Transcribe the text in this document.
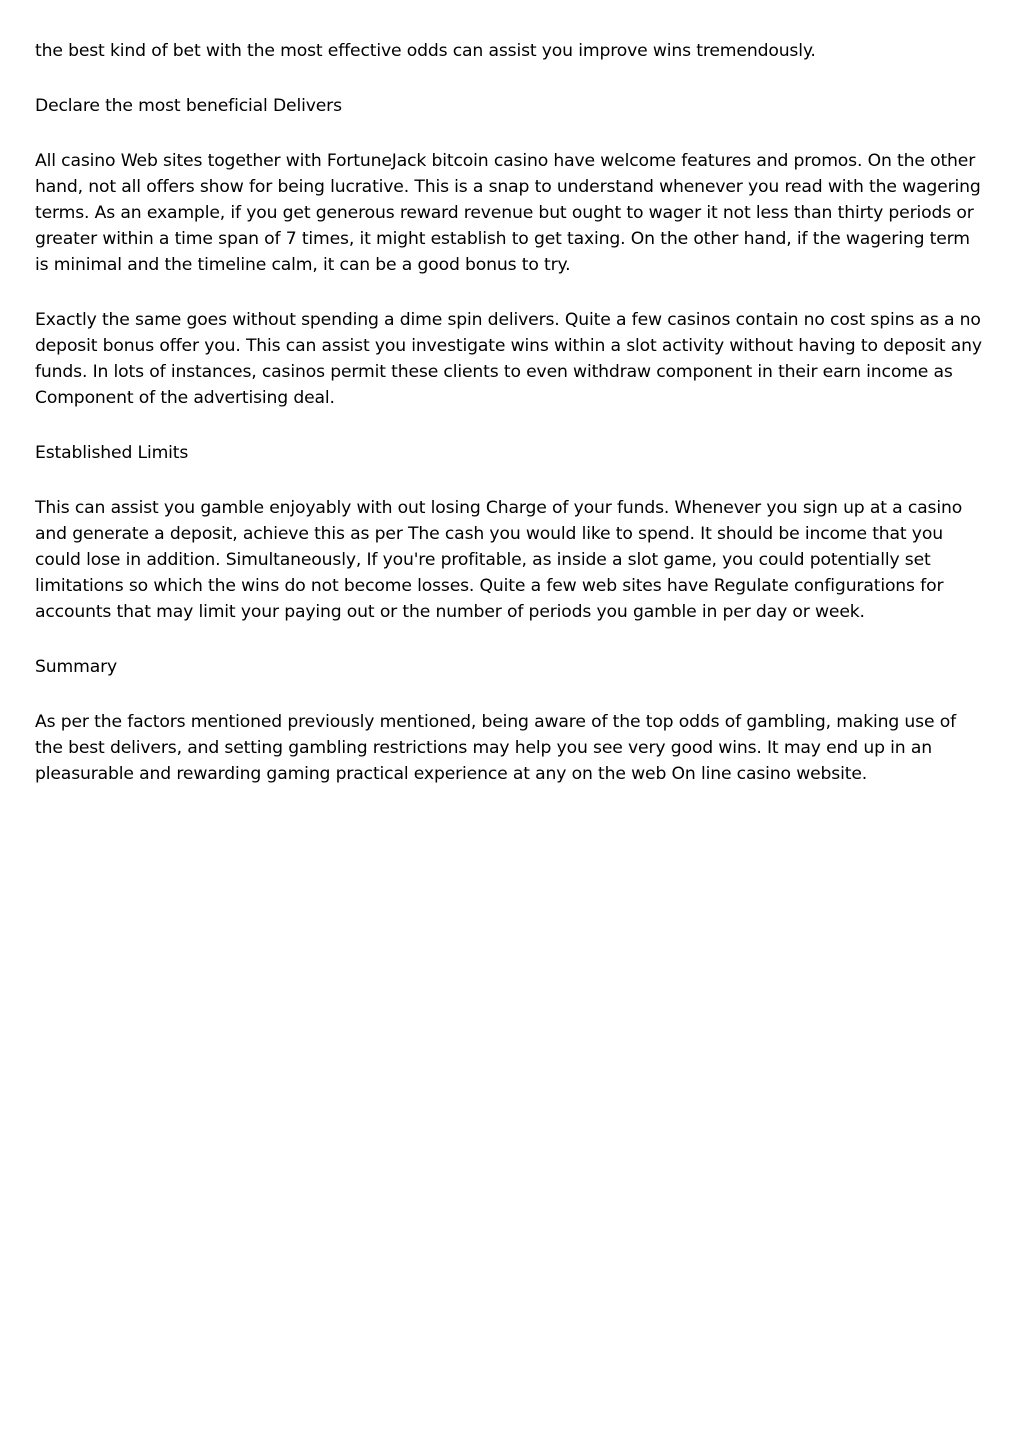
the best kind of bet with the most effective odds can assist you improve wins tremendously.

Declare the most beneficial Delivers

All casino Web sites together with FortuneJack bitcoin casino have welcome features and promos. On the other hand, not all offers show for being lucrative. This is a snap to understand whenever you read with the wagering terms. As an example, if you get generous reward revenue but ought to wager it not less than thirty periods or greater within a time span of 7 times, it might establish to get taxing. On the other hand, if the wagering term is minimal and the timeline calm, it can be a good bonus to try.

Exactly the same goes without spending a dime spin delivers. Quite a few casinos contain no cost spins as a no deposit bonus offer you. This can assist you investigate wins within a slot activity without having to deposit any funds. In lots of instances, casinos permit these clients to even withdraw component in their earn income as Component of the advertising deal.

Established Limits

This can assist you gamble enjoyably with out losing Charge of your funds. Whenever you sign up at a casino and generate a deposit, achieve this as per The cash you would like to spend. It should be income that you could lose in addition. Simultaneously, If you're profitable, as inside a slot game, you could potentially set limitations so which the wins do not become losses. Quite a few web sites have Regulate configurations for accounts that may limit your paying out or the number of periods you gamble in per day or week.

Summary

As per the factors mentioned previously mentioned, being aware of the top odds of gambling, making use of the best delivers, and setting gambling restrictions may help you see very good wins. It may end up in an pleasurable and rewarding gaming practical experience at any on the web On line casino website.
